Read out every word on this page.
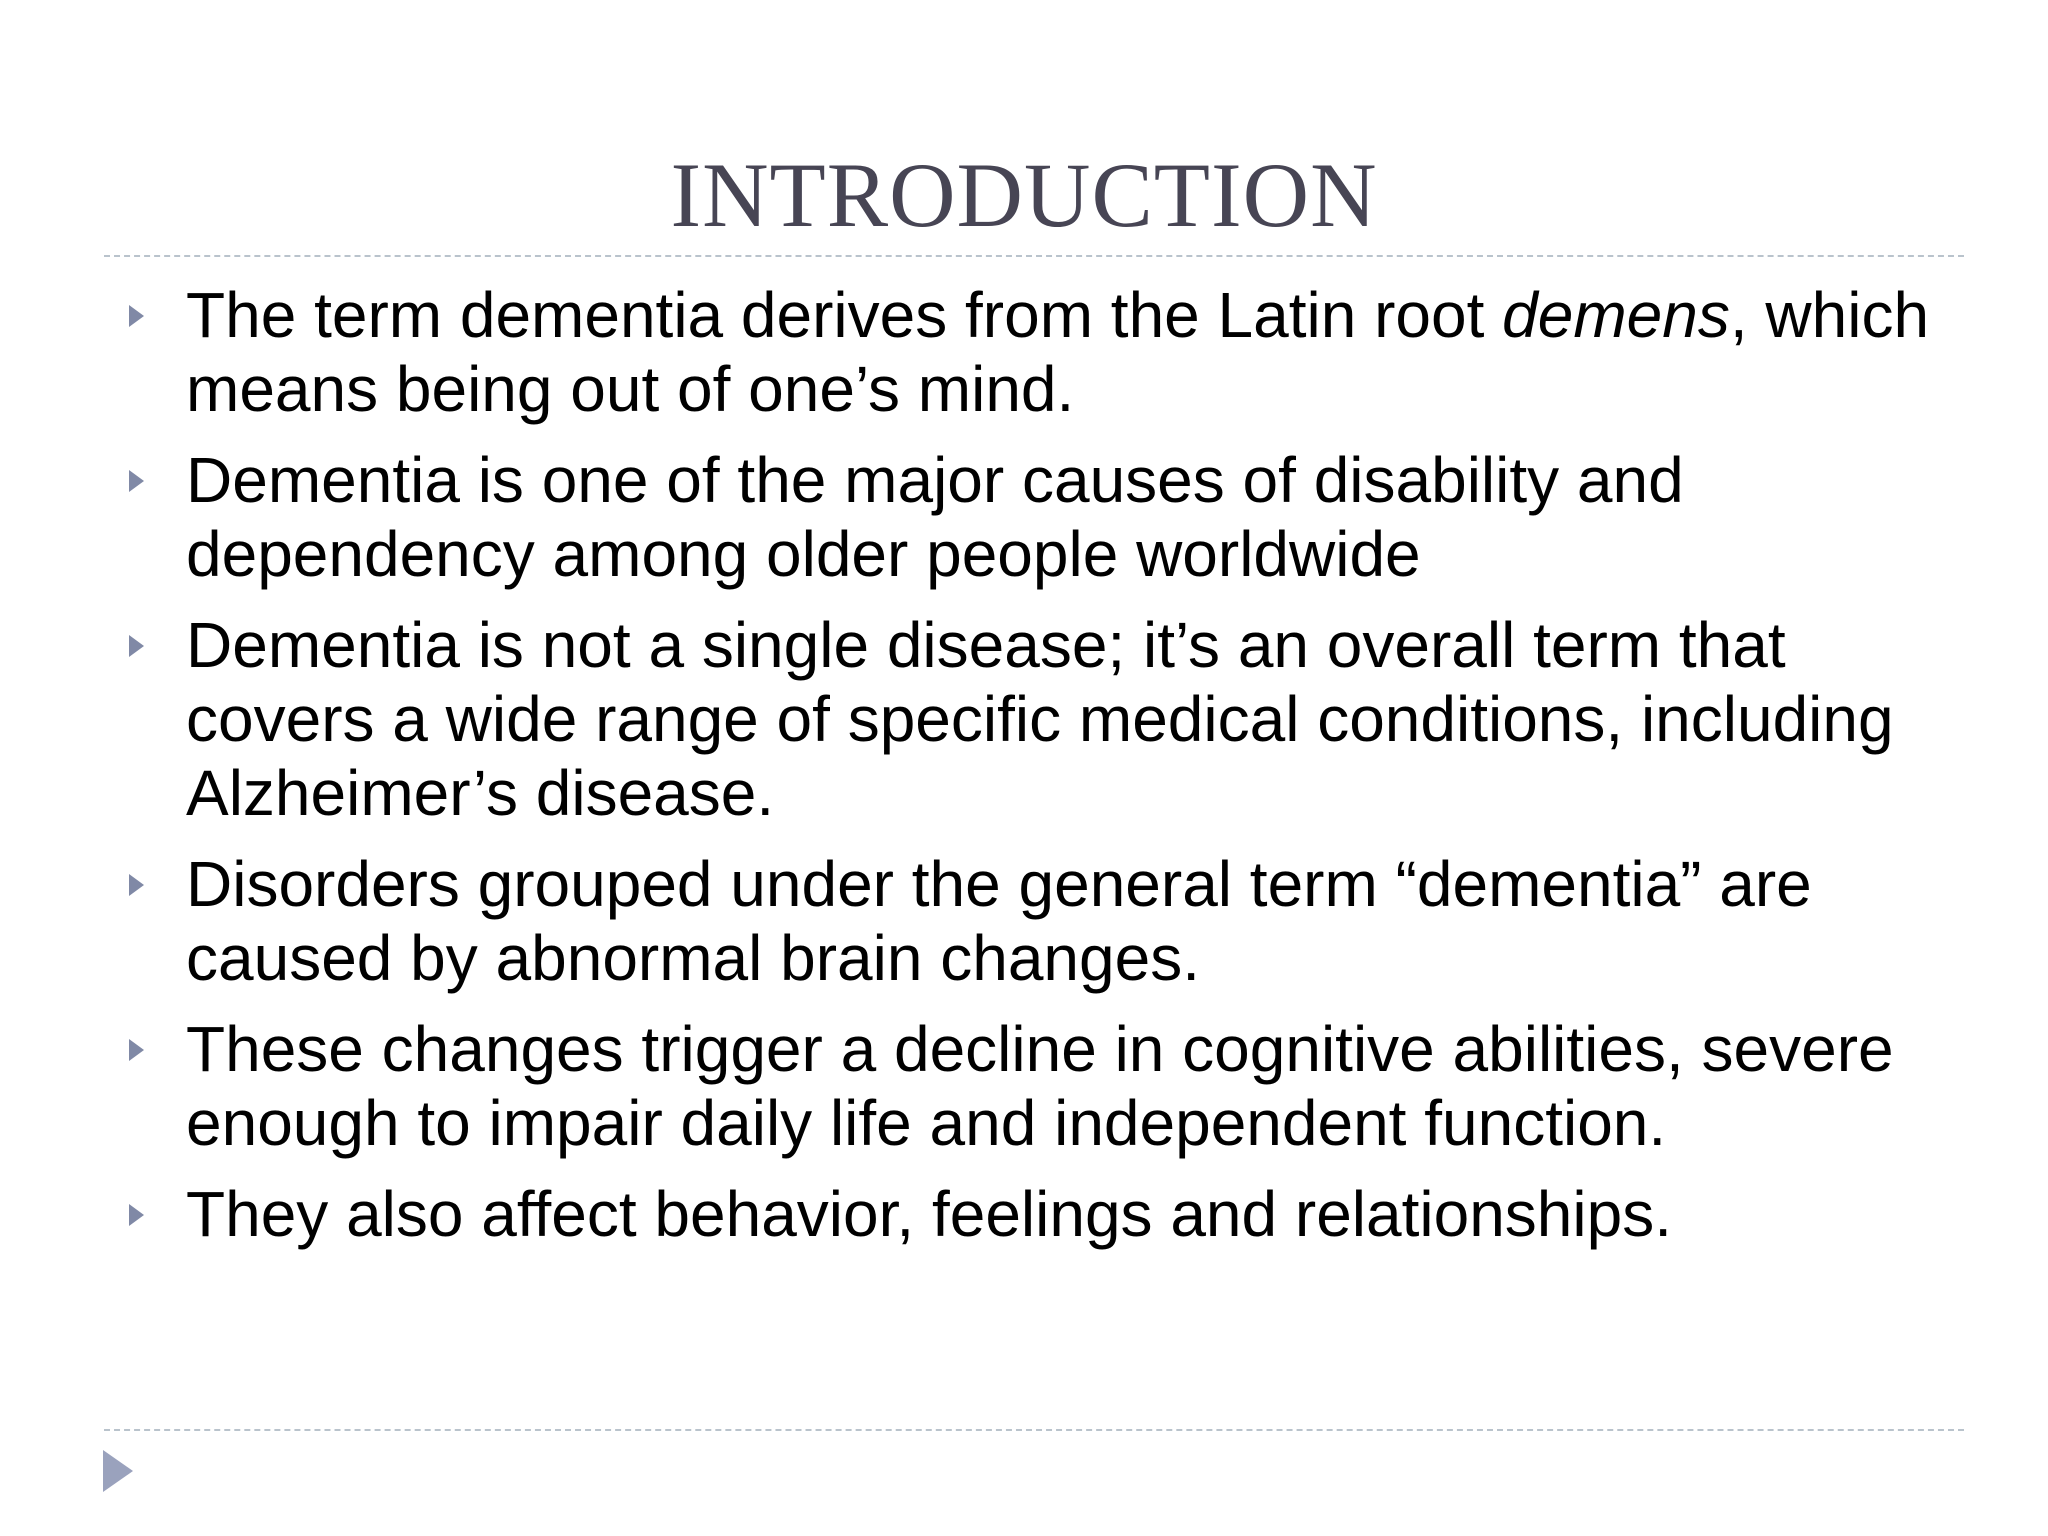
INTRODUCTION
The term dementia derives from the Latin root demens, which means being out of one’s mind.
Dementia is one of the major causes of disability and dependency among older people worldwide
Dementia is not a single disease; it’s an overall term that covers a wide range of specific medical conditions, including Alzheimer’s disease.
Disorders grouped under the general term “dementia” are caused by abnormal brain changes.
These changes trigger a decline in cognitive abilities, severe enough to impair daily life and independent function.
They also affect behavior, feelings and relationships.
